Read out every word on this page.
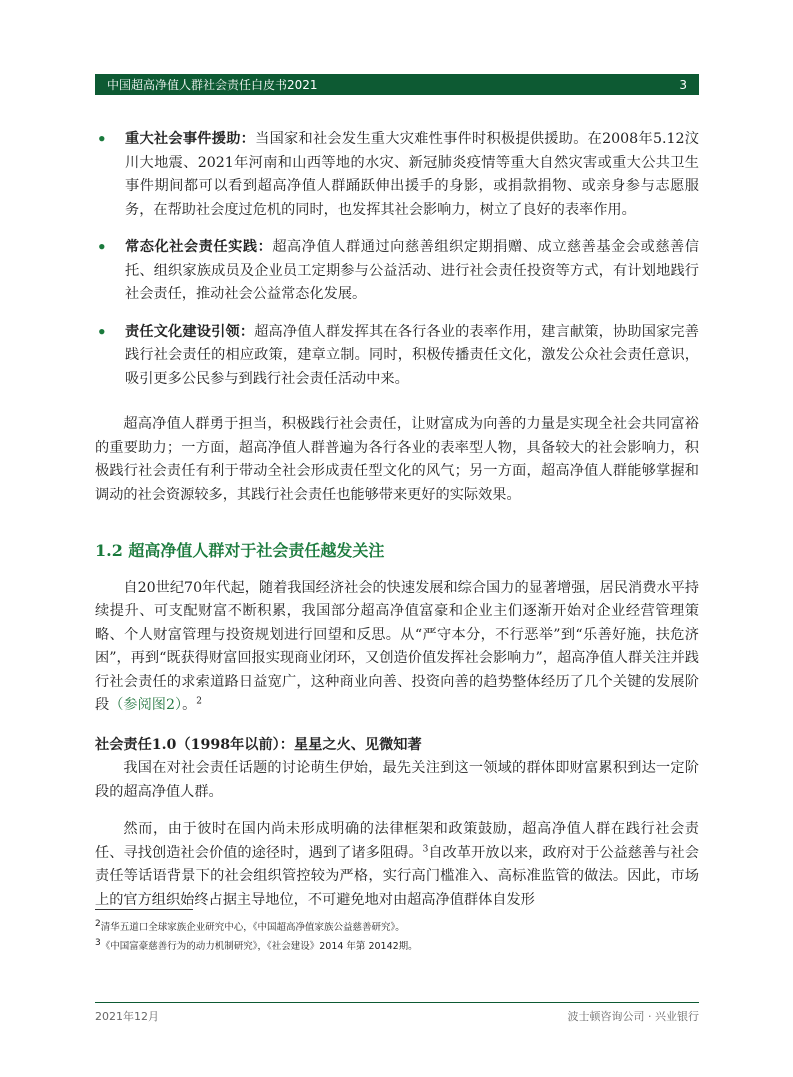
中国超高净值人群社会责任白皮书2021	3
• 重大社会事件援助：当国家和社会发生重大灾难性事件时积极提供援助。在2008年5.12汶川大地震、2021年河南和山西等地的水灾、新冠肺炎疫情等重大自然灾害或重大公共卫生事件期间都可以看到超高净值人群踊跃伸出援手的身影，或捐款捐物、或亲身参与志愿服务，在帮助社会度过危机的同时，也发挥其社会影响力，树立了良好的表率作用。
• 常态化社会责任实践：超高净值人群通过向慈善组织定期捐赠、成立慈善基金会或慈善信托、组织家族成员及企业员工定期参与公益活动、进行社会责任投资等方式，有计划地践行社会责任，推动社会公益常态化发展。
• 责任文化建设引领：超高净值人群发挥其在各行各业的表率作用，建言献策，协助国家完善践行社会责任的相应政策，建章立制。同时，积极传播责任文化，激发公众社会责任意识，吸引更多公民参与到践行社会责任活动中来。

超高净值人群勇于担当，积极践行社会责任，让财富成为向善的力量是实现全社会共同富裕的重要助力；一方面，超高净值人群普遍为各行各业的表率型人物，具备较大的社会影响力，积极践行社会责任有利于带动全社会形成责任型文化的风气；另一方面，超高净值人群能够掌握和调动的社会资源较多，其践行社会责任也能够带来更好的实际效果。

1.2 超高净值人群对于社会责任越发关注

自20世纪70年代起，随着我国经济社会的快速发展和综合国力的显著增强，居民消费水平持续提升、可支配财富不断积累，我国部分超高净值富豪和企业主们逐渐开始对企业经营管理策略、个人财富管理与投资规划进行回望和反思。从“严守本分，不行恶举”到“乐善好施，扶危济困”，再到“既获得财富回报实现商业闭环，又创造价值发挥社会影响力”，超高净值人群关注并践行社会责任的求索道路日益宽广，这种商业向善、投资向善的趋势整体经历了几个关键的发展阶段（参阅图2）。$^2$

社会责任1.0（1998年以前）：星星之火、见微知著

我国在对社会责任话题的讨论萌生伊始，最先关注到这一领域的群体即财富累积到达一定阶段的超高净值人群。

然而，由于彼时在国内尚未形成明确的法律框架和政策鼓励，超高净值人群在践行社会责任、寻找创造社会价值的途径时，遇到了诸多阻碍。$^3$自改革开放以来，政府对于公益慈善与社会责任等话语背景下的社会组织管控较为严格，实行高门槛准入、高标准监管的做法。因此，市场上的官方组织始终占据主导地位，不可避免地对由超高净值群体自发形

$^2$清华五道口全球家族企业研究中心，《中国超高净值家族公益慈善研究》。
$^3$《中国富豪慈善行为的动力机制研究》，《社会建设》2014 年第 20142期。
2021年12月	波士顿咨询公司 · 兴业银行
